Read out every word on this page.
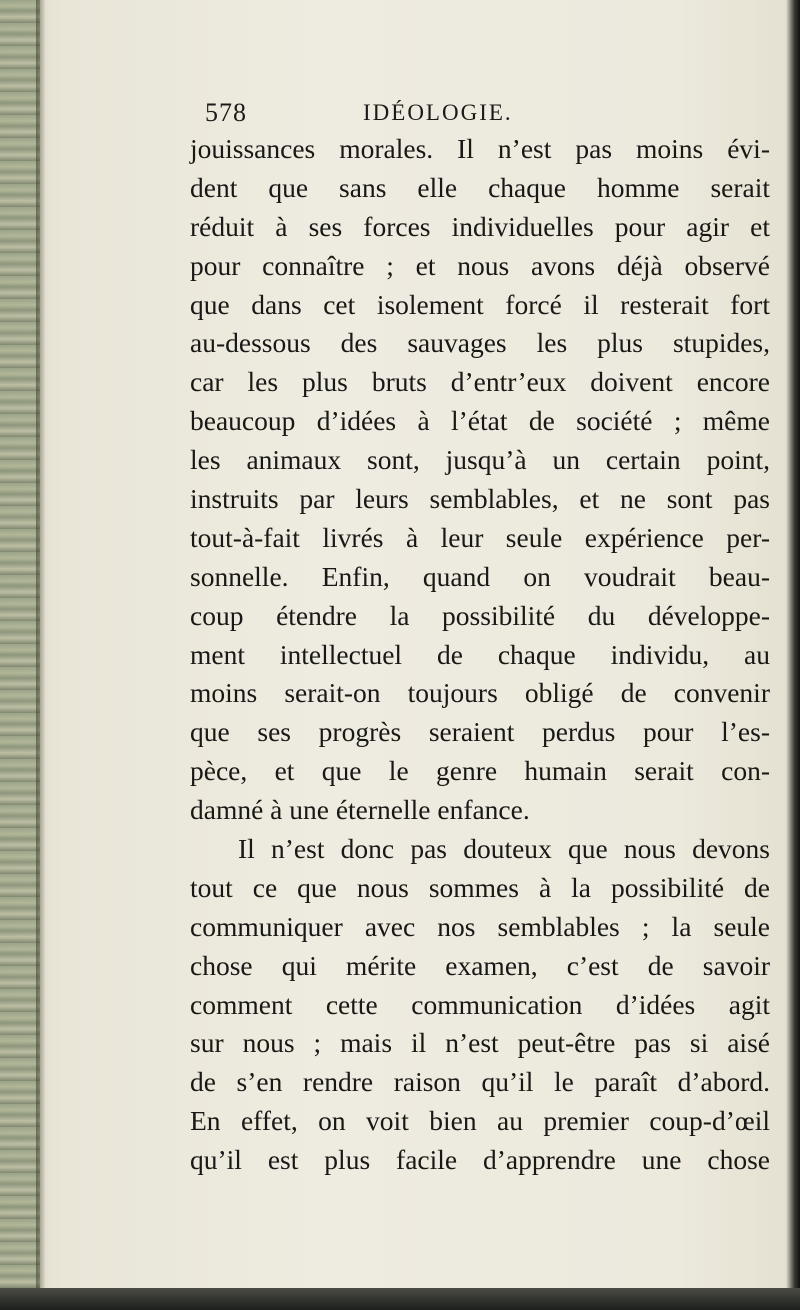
578	IDÉOLOGIE.
jouissances morales. Il n’est pas moins évi-
dent que sans elle chaque homme serait
réduit à ses forces individuelles pour agir et
pour connaître ; et nous avons déjà observé
que dans cet isolement forcé il resterait fort
au-dessous des sauvages les plus stupides,
car les plus bruts d’entr’eux doivent encore
beaucoup d’idées à l’état de société ; même
les animaux sont, jusqu’à un certain point,
instruits par leurs semblables, et ne sont pas
tout-à-fait livrés à leur seule expérience per-
sonnelle. Enfin, quand on voudrait beau-
coup étendre la possibilité du développe-
ment intellectuel de chaque individu, au
moins serait-on toujours obligé de convenir
que ses progrès seraient perdus pour l’es-
pèce, et que le genre humain serait con-
damné à une éternelle enfance.
Il n’est donc pas douteux que nous devons
tout ce que nous sommes à la possibilité de
communiquer avec nos semblables ; la seule
chose qui mérite examen, c’est de savoir
comment cette communication d’idées agit
sur nous ; mais il n’est peut-être pas si aisé
de s’en rendre raison qu’il le paraît d’abord.
En effet, on voit bien au premier coup-d’œil
qu’il est plus facile d’apprendre une chose
